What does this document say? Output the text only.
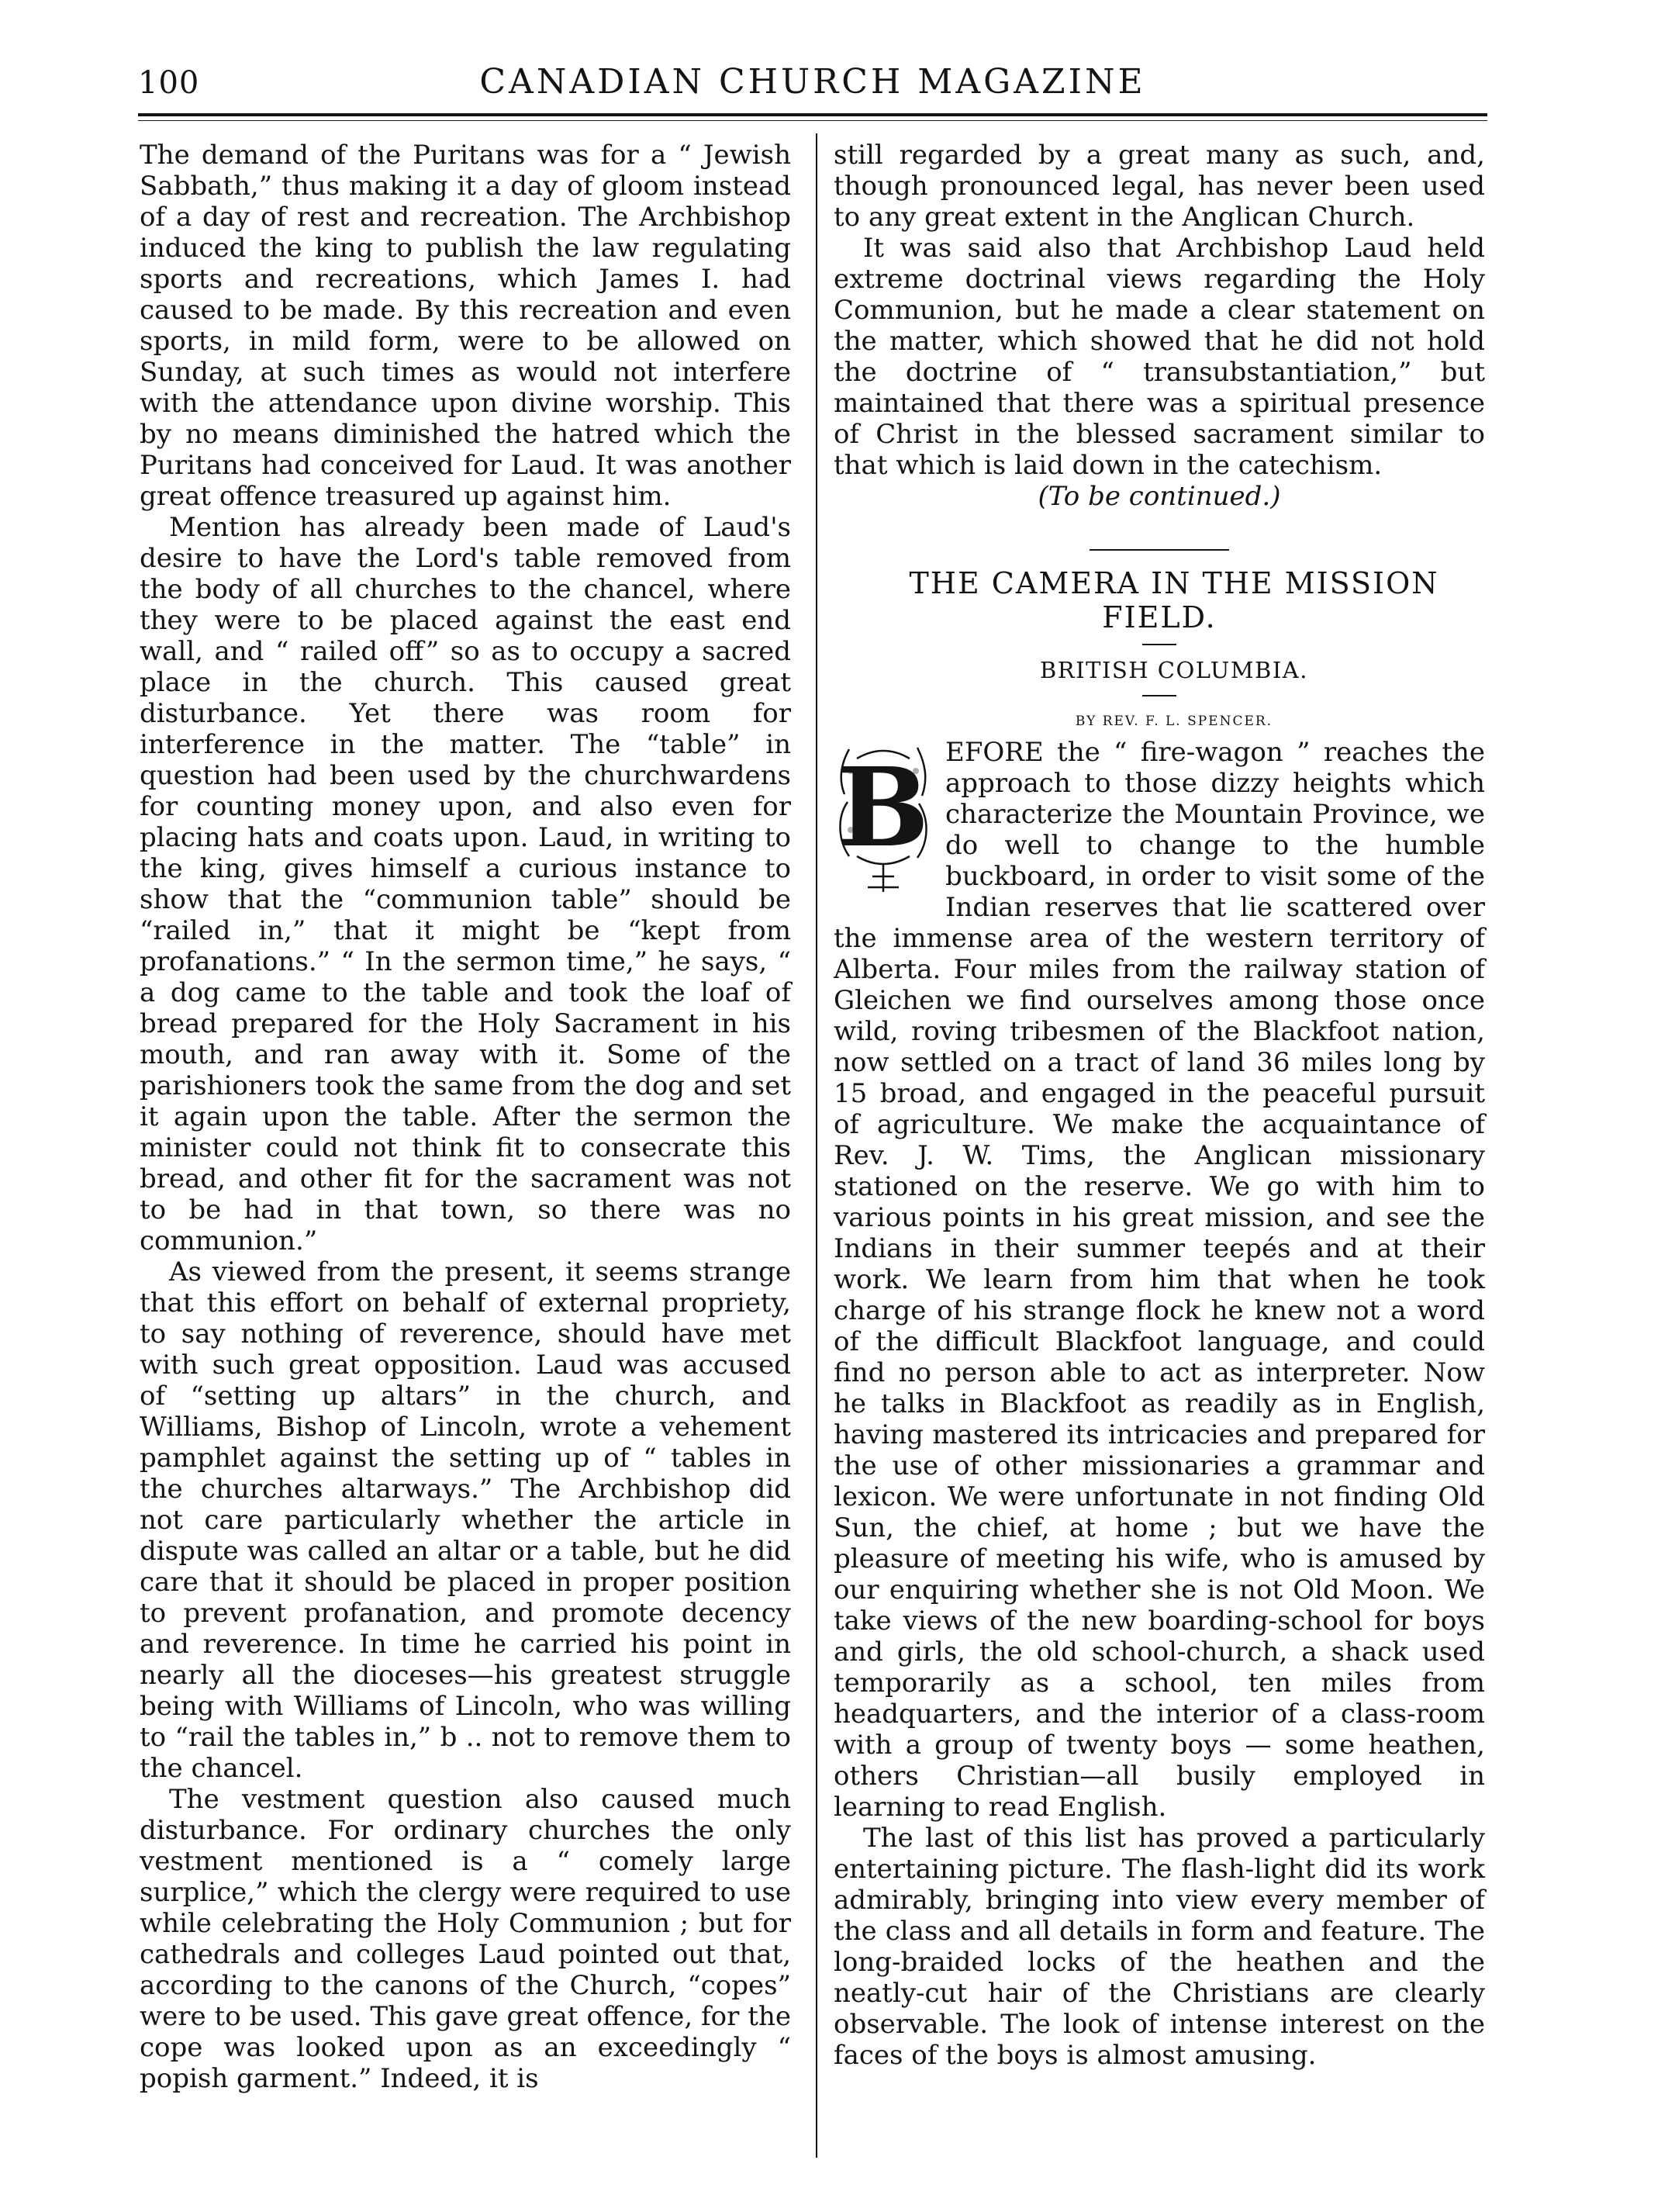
100	CANADIAN CHURCH MAGAZINE

The demand of the Puritans was for a “ Jewish Sabbath,” thus making it a day of gloom instead of a day of rest and recreation. The Archbishop induced the king to publish the law regulating sports and recreations, which James I. had caused to be made. By this recreation and even sports, in mild form, were to be allowed on Sunday, at such times as would not interfere with the attendance upon divine worship. This by no means diminished the hatred which the Puritans had conceived for Laud. It was another great offence treasured up against him.

Mention has already been made of Laud's desire to have the Lord's table removed from the body of all churches to the chancel, where they were to be placed against the east end wall, and “ railed off” so as to occupy a sacred place in the church. This caused great disturbance. Yet there was room for interference in the matter. The “table” in question had been used by the churchwardens for counting money upon, and also even for placing hats and coats upon. Laud, in writing to the king, gives himself a curious instance to show that the “communion table” should be “railed in,” that it might be “kept from profanations.” “ In the sermon time,” he says, “ a dog came to the table and took the loaf of bread prepared for the Holy Sacrament in his mouth, and ran away with it. Some of the parishioners took the same from the dog and set it again upon the table. After the sermon the minister could not think fit to consecrate this bread, and other fit for the sacrament was not to be had in that town, so there was no communion.”

As viewed from the present, it seems strange that this effort on behalf of external propriety, to say nothing of reverence, should have met with such great opposition. Laud was accused of “setting up altars” in the church, and Williams, Bishop of Lincoln, wrote a vehement pamphlet against the setting up of “ tables in the churches altarways.” The Archbishop did not care particularly whether the article in dispute was called an altar or a table, but he did care that it should be placed in proper position to prevent profanation, and promote decency and reverence. In time he carried his point in nearly all the dioceses—his greatest struggle being with Williams of Lincoln, who was willing to “rail the tables in,” b .. not to remove them to the chancel.

The vestment question also caused much disturbance. For ordinary churches the only vestment mentioned is a “ comely large surplice,” which the clergy were required to use while celebrating the Holy Communion ; but for cathedrals and colleges Laud pointed out that, according to the canons of the Church, “copes” were to be used. This gave great offence, for the cope was looked upon as an exceedingly “ popish garment.” Indeed, it is

still regarded by a great many as such, and, though pronounced legal, has never been used to any great extent in the Anglican Church.

It was said also that Archbishop Laud held extreme doctrinal views regarding the Holy Communion, but he made a clear statement on the matter, which showed that he did not hold the doctrine of “ transubstantiation,” but maintained that there was a spiritual presence of Christ in the blessed sacrament similar to that which is laid down in the catechism.

(To be continued.)

THE CAMERA IN THE MISSION FIELD.

BRITISH COLUMBIA.

BY REV. F. L. SPENCER.

B EFORE the “ fire-wagon ” reaches the approach to those dizzy heights which characterize the Mountain Province, we do well to change to the humble buckboard, in order to visit some of the Indian reserves that lie scattered over the immense area of the western territory of Alberta. Four miles from the railway station of Gleichen we find ourselves among those once wild, roving tribesmen of the Blackfoot nation, now settled on a tract of land 36 miles long by 15 broad, and engaged in the peaceful pursuit of agriculture. We make the acquaintance of Rev. J. W. Tims, the Anglican missionary stationed on the reserve. We go with him to various points in his great mission, and see the Indians in their summer teepés and at their work. We learn from him that when he took charge of his strange flock he knew not a word of the difficult Blackfoot language, and could find no person able to act as interpreter. Now he talks in Blackfoot as readily as in English, having mastered its intricacies and prepared for the use of other missionaries a grammar and lexicon. We were unfortunate in not finding Old Sun, the chief, at home ; but we have the pleasure of meeting his wife, who is amused by our enquiring whether she is not Old Moon. We take views of the new boarding-school for boys and girls, the old school-church, a shack used temporarily as a school, ten miles from headquarters, and the interior of a class-room with a group of twenty boys — some heathen, others Christian—all busily employed in learning to read English.

The last of this list has proved a particularly entertaining picture. The flash-light did its work admirably, bringing into view every member of the class and all details in form and feature. The long-braided locks of the heathen and the neatly-cut hair of the Christians are clearly observable. The look of intense interest on the faces of the boys is almost amusing.
